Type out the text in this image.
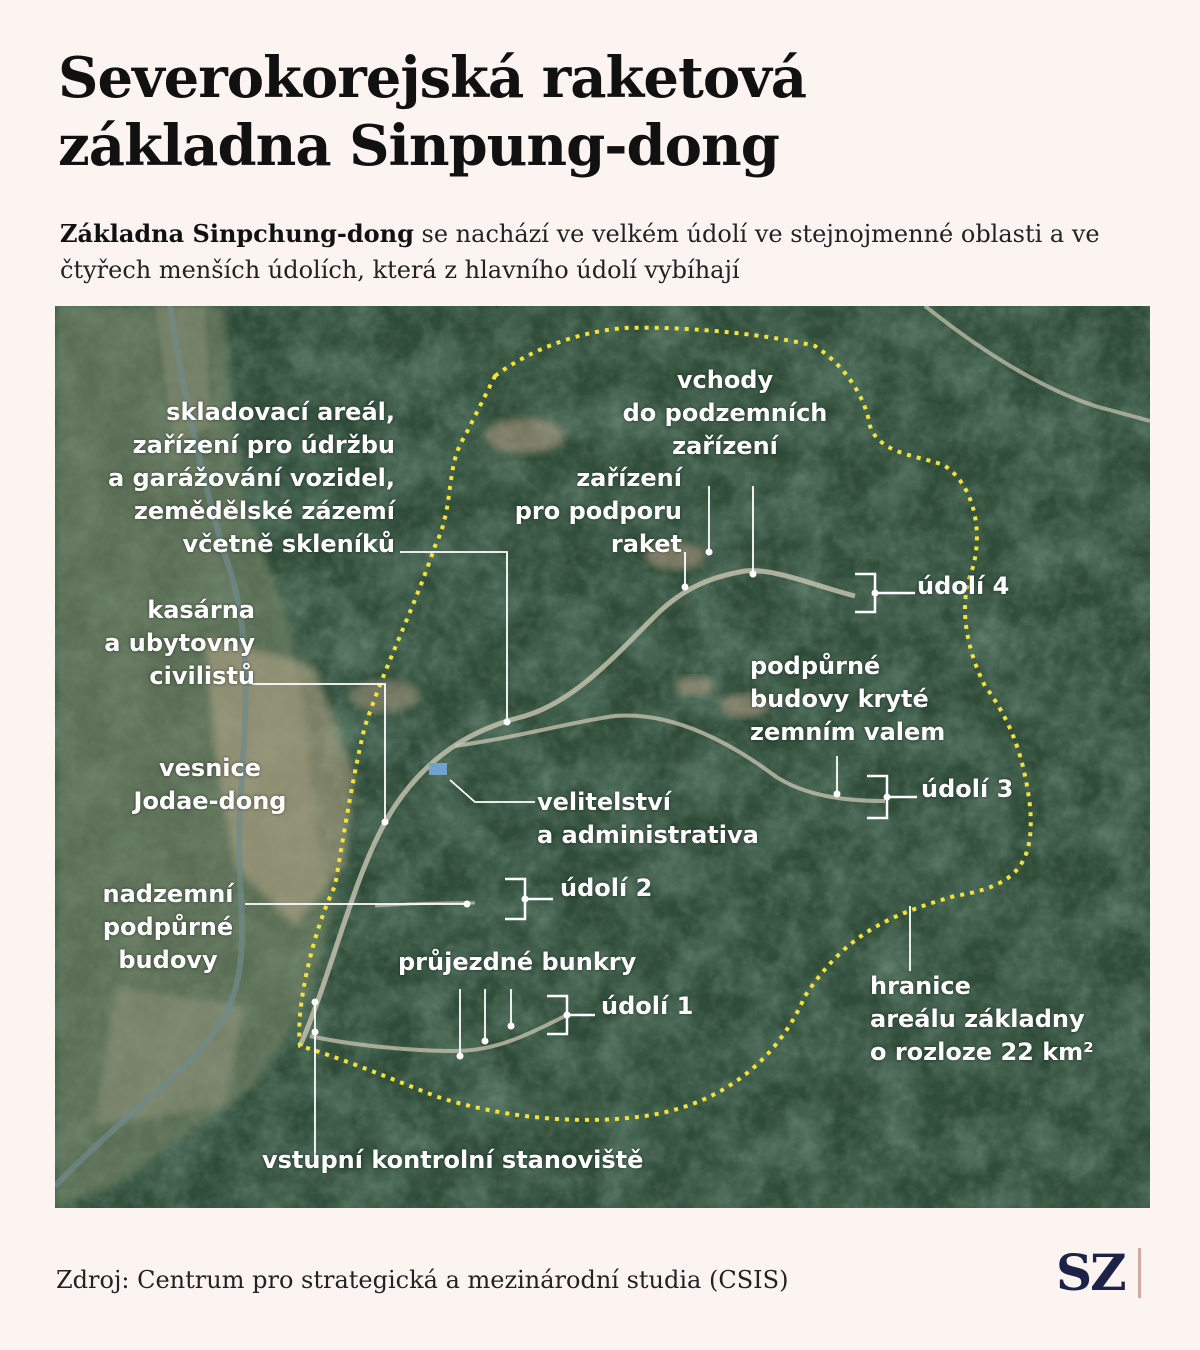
Severokorejská raketová
základna Sinpung-dong
Základna Sinpchung-dong se nachází ve velkém údolí ve stejnojmenné oblasti a ve čtyřech menších údolích, která z hlavního údolí vybíhají
skladovací areál,
zařízení pro údržbu
a garážování vozidel,
zemědělské zázemí
včetně skleníků
vchody
do podzemních
zařízení
zařízení
pro podporu
raket
údolí 4
kasárna
a ubytovny
civilistů	podpůrné
budovy kryté
zemním valem
údolí 3
vesnice
Jodae-dong	velitelství
a administrativa
nadzemní
podpůrné
budovy
údolí 2
průjezdné bunkry
údolí 1
hranice
areálu základny
o rozloze 22 km²
vstupní kontrolní stanoviště
Zdroj: Centrum pro strategická a mezinárodní studia (CSIS)	SZ
